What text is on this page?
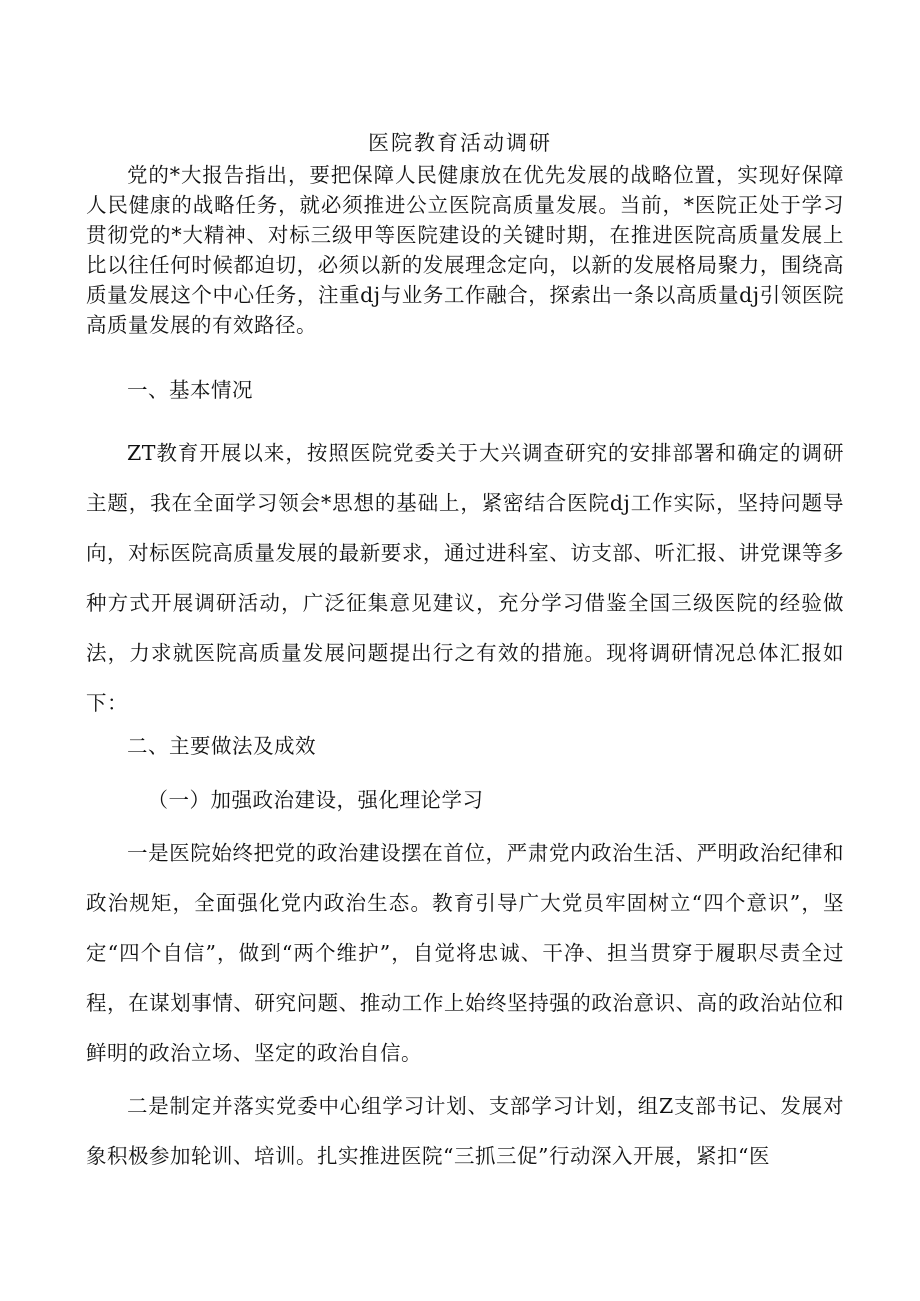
医院教育活动调研
党的*大报告指出，要把保障人民健康放在优先发展的战略位置，实现好保障人民健康的战略任务，就必须推进公立医院高质量发展。当前，*医院正处于学习贯彻党的*大精神、对标三级甲等医院建设的关键时期，在推进医院高质量发展上比以往任何时候都迫切，必须以新的发展理念定向，以新的发展格局聚力，围绕高质量发展这个中心任务，注重dj与业务工作融合，探索出一条以高质量dj引领医院高质量发展的有效路径。
一、基本情况
ZT教育开展以来，按照医院党委关于大兴调查研究的安排部署和确定的调研主题，我在全面学习领会*思想的基础上，紧密结合医院dj工作实际，坚持问题导向，对标医院高质量发展的最新要求，通过进科室、访支部、听汇报、讲党课等多种方式开展调研活动，广泛征集意见建议，充分学习借鉴全国三级医院的经验做法，力求就医院高质量发展问题提出行之有效的措施。现将调研情况总体汇报如下：
二、主要做法及成效
（一）加强政治建设，强化理论学习
一是医院始终把党的政治建设摆在首位，严肃党内政治生活、严明政治纪律和政治规矩，全面强化党内政治生态。教育引导广大党员牢固树立“四个意识”，坚定“四个自信”，做到“两个维护”，自觉将忠诚、干净、担当贯穿于履职尽责全过程，在谋划事情、研究问题、推动工作上始终坚持强的政治意识、高的政治站位和鲜明的政治立场、坚定的政治自信。
二是制定并落实党委中心组学习计划、支部学习计划，组Z支部书记、发展对象积极参加轮训、培训。扎实推进医院“三抓三促”行动深入开展，紧扣“医
